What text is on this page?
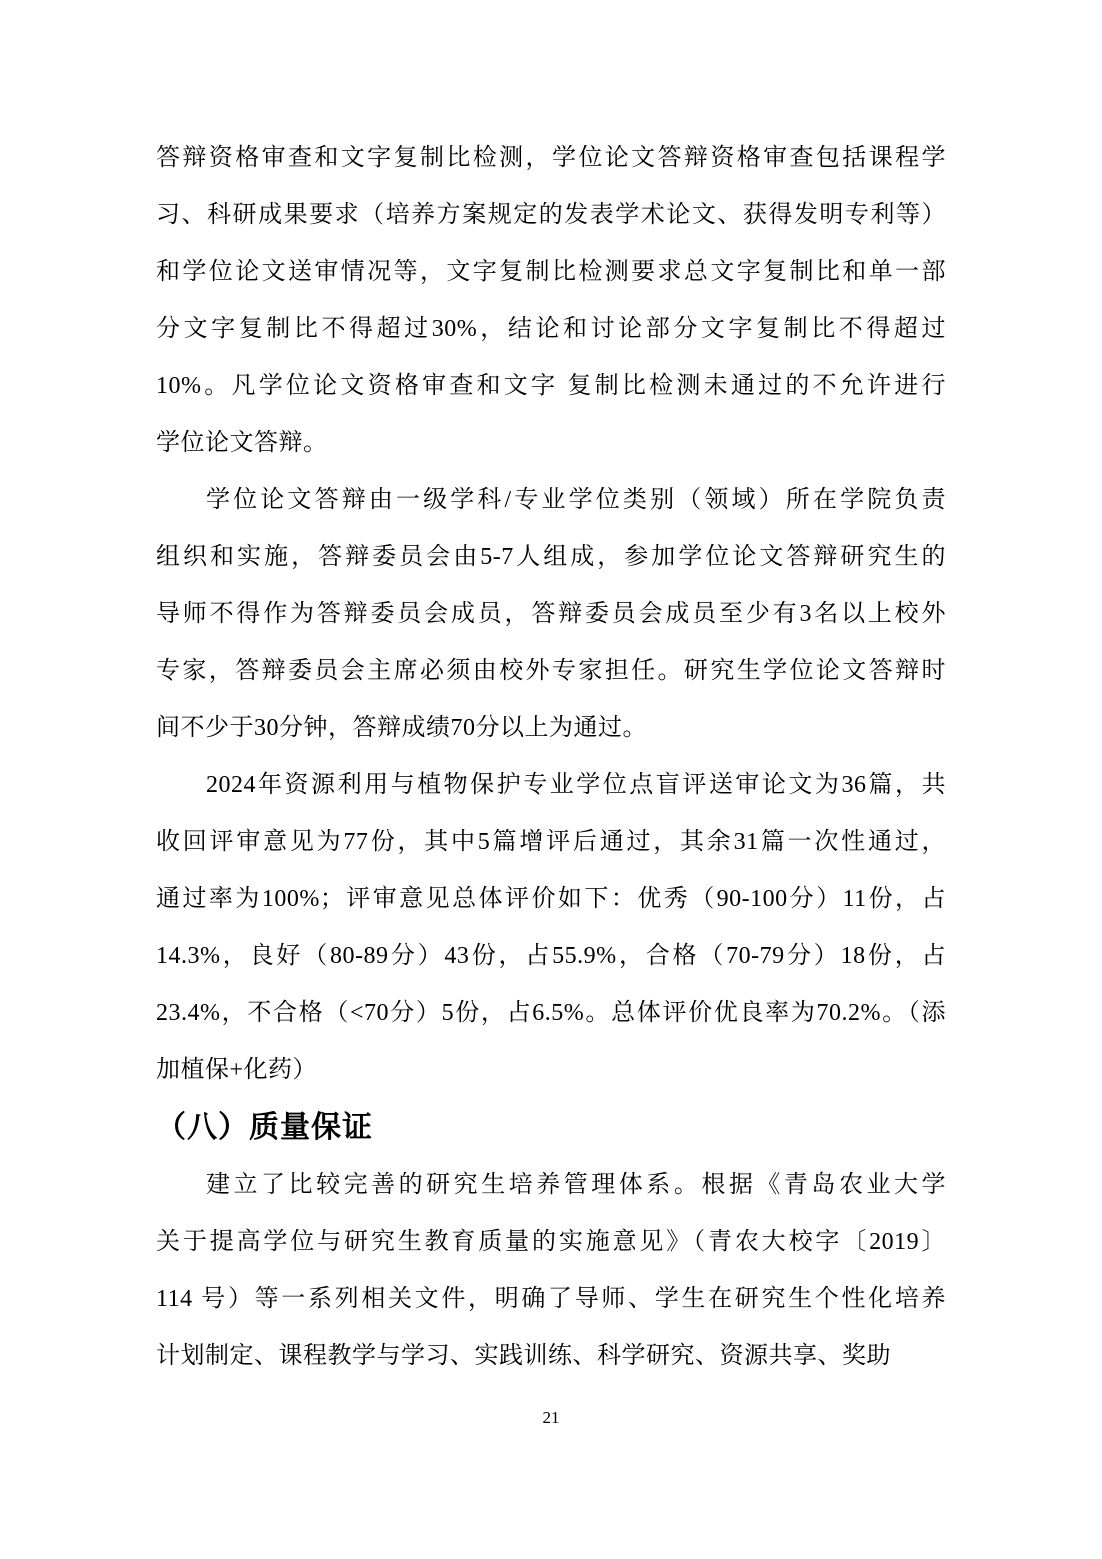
答辩资格审查和文字复制比检测，学位论文答辩资格审查包括课程学
习、科研成果要求（培养方案规定的发表学术论文、获得发明专利等）
和学位论文送审情况等，文字复制比检测要求总文字复制比和单一部
分文字复制比不得超过30%，结论和讨论部分文字复制比不得超过
10%。凡学位论文资格审查和文字 复制比检测未通过的不允许进行
学位论文答辩。
学位论文答辩由一级学科/专业学位类别（领域）所在学院负责
组织和实施，答辩委员会由5-7人组成，参加学位论文答辩研究生的
导师不得作为答辩委员会成员，答辩委员会成员至少有3名以上校外
专家，答辩委员会主席必须由校外专家担任。研究生学位论文答辩时
间不少于30分钟，答辩成绩70分以上为通过。
2024年资源利用与植物保护专业学位点盲评送审论文为36篇，共
收回评审意见为77份，其中5篇增评后通过，其余31篇一次性通过，
通过率为100%；评审意见总体评价如下：优秀（90-100分）11份，占
14.3%，良好（80-89分）43份，占55.9%，合格（70-79分）18份，占
23.4%，不合格（<70分）5份，占6.5%。总体评价优良率为70.2%。（添
加植保+化药）
（八）质量保证
建立了比较完善的研究生培养管理体系。根据《青岛农业大学
关于提高学位与研究生教育质量的实施意见》（青农大校字〔2019〕
114 号）等一系列相关文件，明确了导师、学生在研究生个性化培养
计划制定、课程教学与学习、实践训练、科学研究、资源共享、奖助
21
